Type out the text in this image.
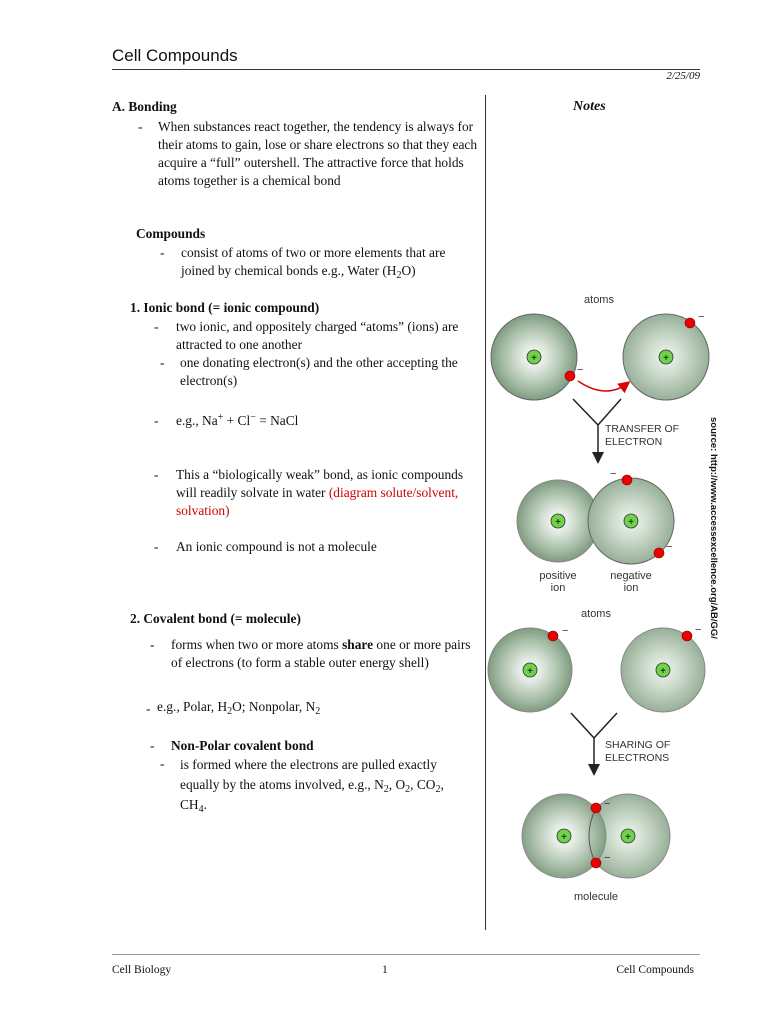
Cell Compounds
2/25/09
Notes
A. Bonding
-	When substances react together, the tendency is always for their atoms to gain, lose or share electrons so that they each acquire a “full” outershell. The attractive force that holds atoms together is a chemical bond
Compounds
- consist of atoms of two or more elements that are joined by chemical bonds e.g., Water $(H_2O)$
1. Ionic bond (= ionic compound)
- two ionic, and oppositely charged “atoms” (ions) are attracted to one another
- one donating electron(s) and the other accepting the electron(s)
- e.g., Na+ + Cl− = NaCl
- This a “biologically weak” bond, as ionic compounds will readily solvate in water (diagram solute/solvent, solvation)
- An ionic compound is not a molecule
2. Covalent bond (= molecule)
- forms when two or more atoms share one or more pairs of electrons (to form a stable outer energy shell)
- e.g., Polar, $H_2O$; Nonpolar, $N_2$
- Non-Polar covalent bond
- is formed where the electrons are pulled exactly equally by the atoms involved, e.g., $N_2$, $O_2$, $CO_2$, $CH_4$.
atoms
+
−
+
−
TRANSFER OF
ELECTRON
+	+
−
−
positive
ion
negative
ion
atoms
+
−
+
−
SHARING OF
ELECTRONS
+	+
−
−
molecule
source: http://www.accessexcellence.org/AB/GG/
Cell Biology	1	Cell Compounds
